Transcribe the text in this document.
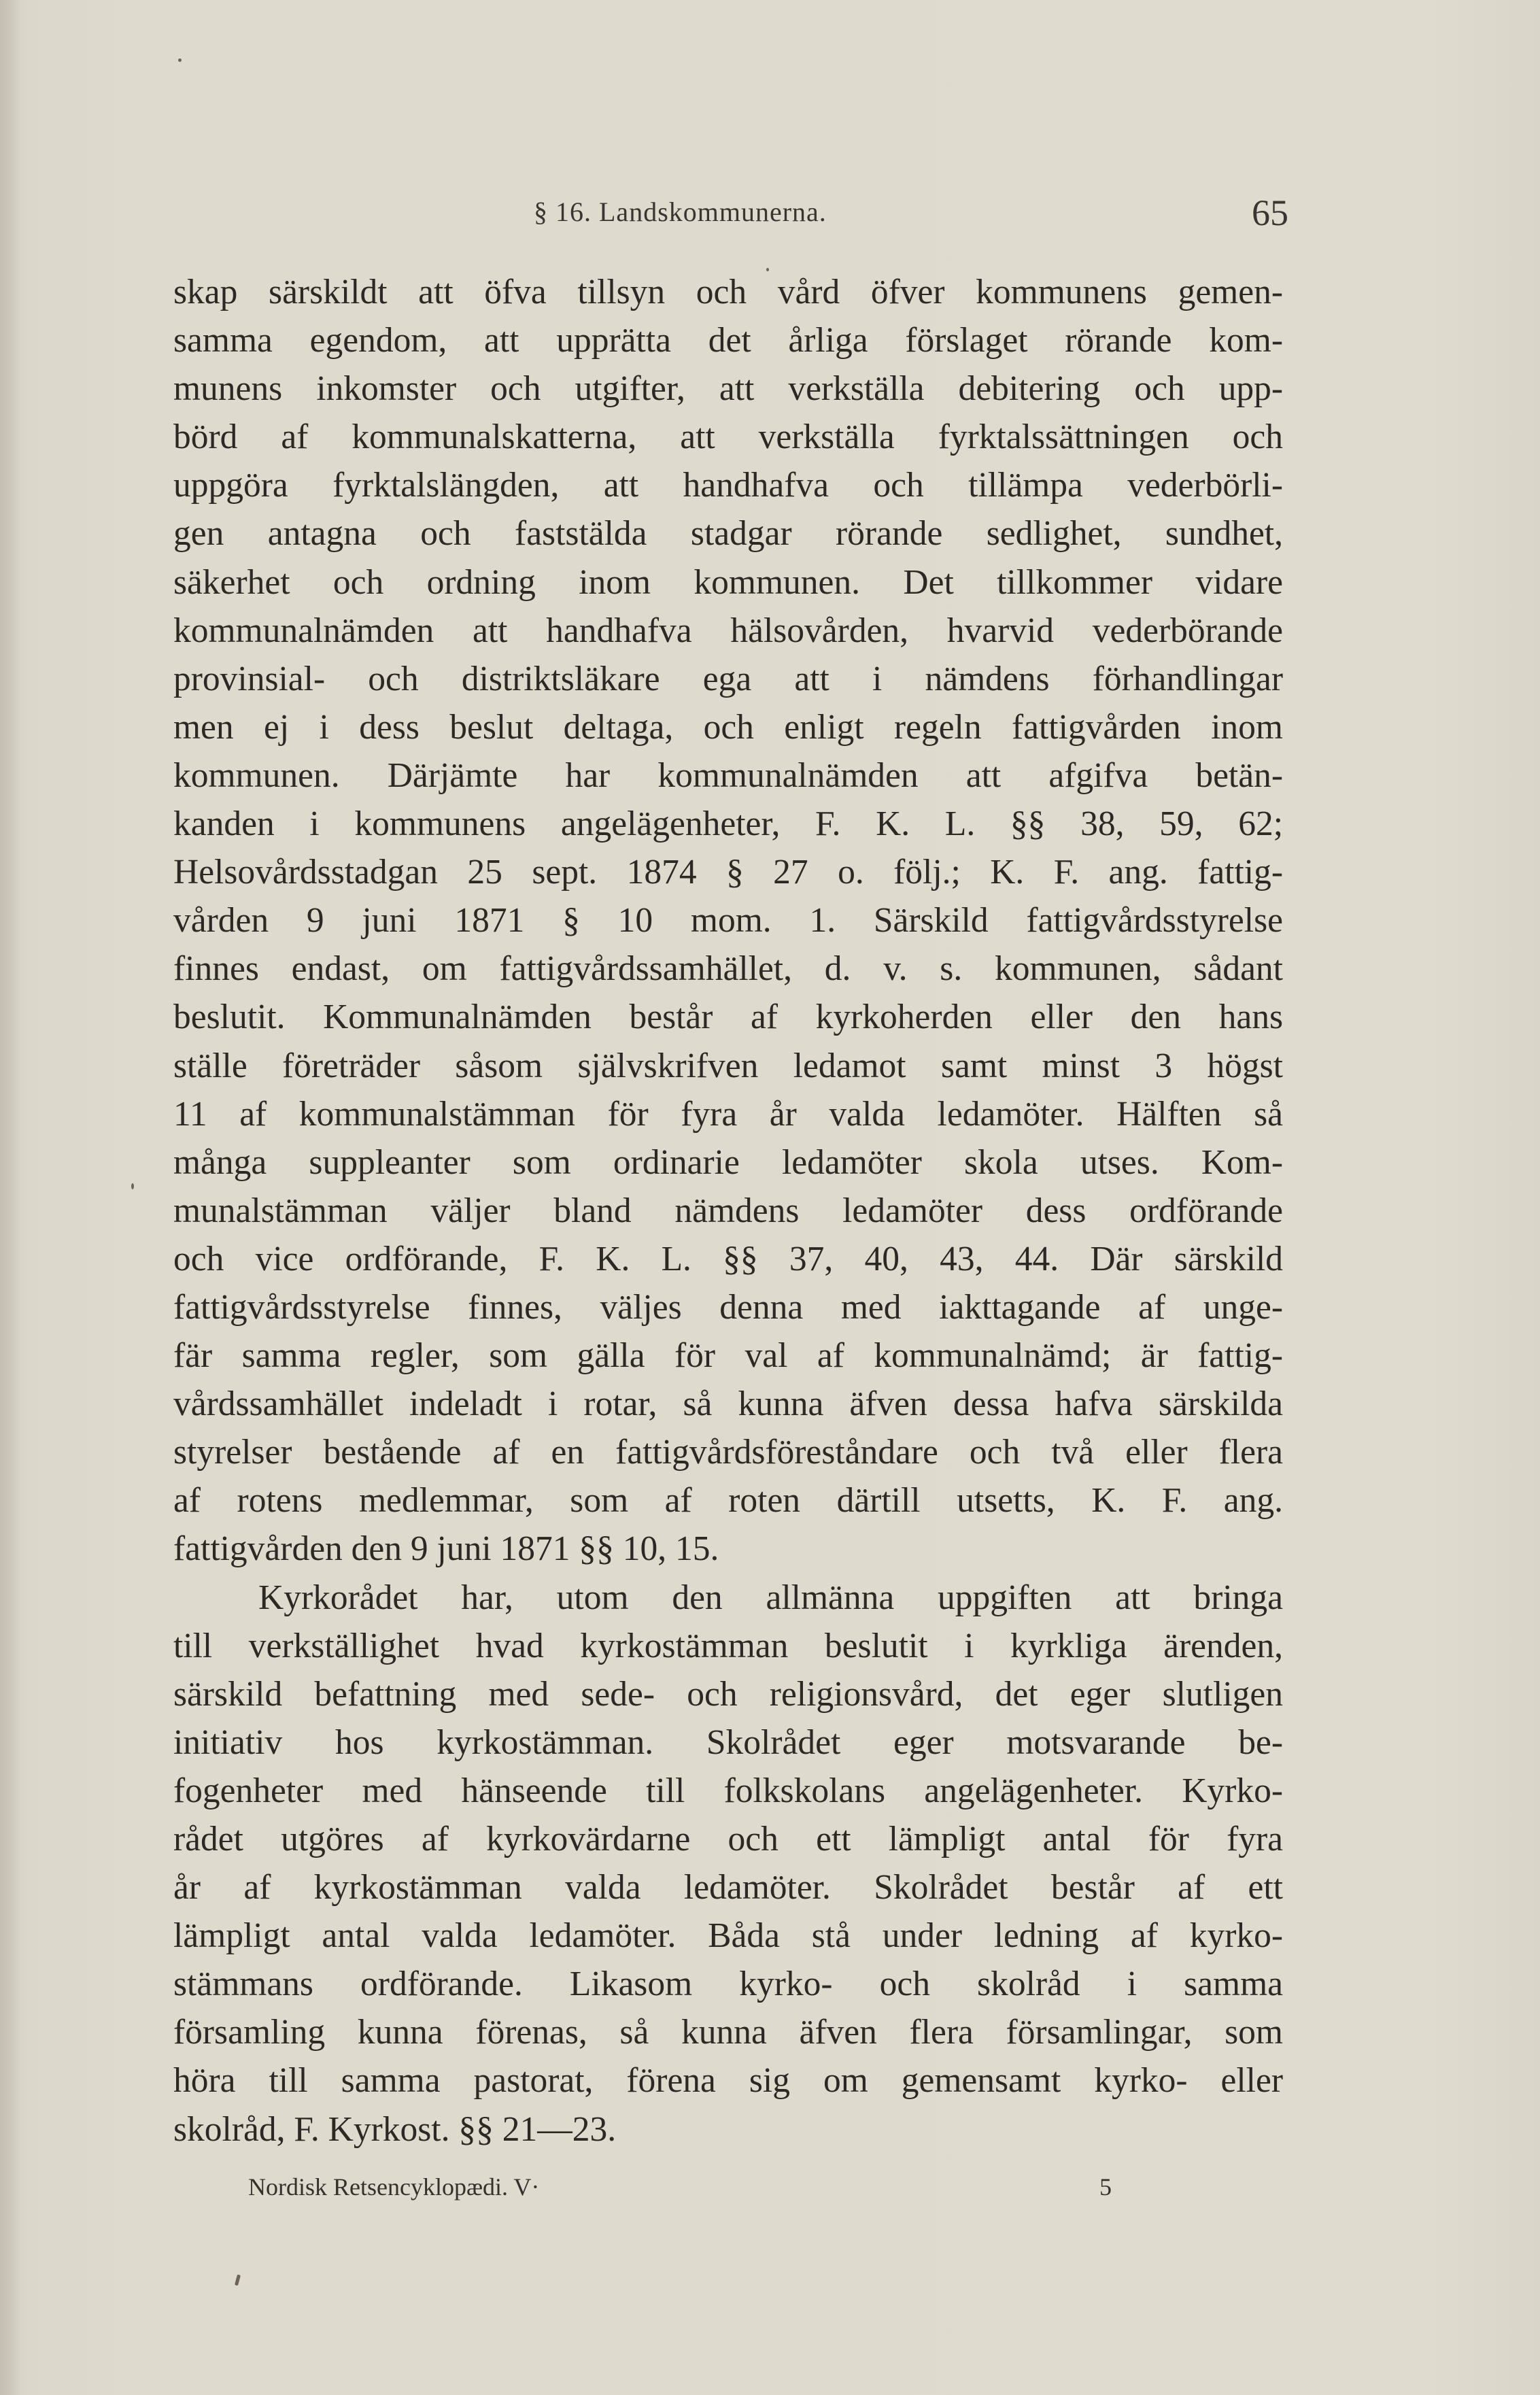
§ 16. Landskommunerna.	65
skap särskildt att öfva tillsyn och vård öfver kommunens gemen-
samma egendom, att upprätta det årliga förslaget rörande kom-
munens inkomster och utgifter, att verkställa debitering och upp-
börd af kommunalskatterna, att verkställa fyrktalssättningen och
uppgöra fyrktalslängden, att handhafva och tillämpa vederbörli-
gen antagna och faststälda stadgar rörande sedlighet, sundhet,
säkerhet och ordning inom kommunen. Det tillkommer vidare
kommunalnämden att handhafva hälsovården, hvarvid vederbörande
provinsial- och distriktsläkare ega att i nämdens förhandlingar
men ej i dess beslut deltaga, och enligt regeln fattigvården inom
kommunen. Därjämte har kommunalnämden att afgifva betän-
kanden i kommunens angelägenheter, F. K. L. §§ 38, 59, 62;
Helsovårdsstadgan 25 sept. 1874 § 27 o. följ.; K. F. ang. fattig-
vården 9 juni 1871 § 10 mom. 1. Särskild fattigvårdsstyrelse
finnes endast, om fattigvårdssamhället, d. v. s. kommunen, sådant
beslutit. Kommunalnämden består af kyrkoherden eller den hans
ställe företräder såsom självskrifven ledamot samt minst 3 högst
11 af kommunalstämman för fyra år valda ledamöter. Hälften så
många suppleanter som ordinarie ledamöter skola utses. Kom-
munalstämman väljer bland nämdens ledamöter dess ordförande
och vice ordförande, F. K. L. §§ 37, 40, 43, 44. Där särskild
fattigvårdsstyrelse finnes, väljes denna med iakttagande af unge-
fär samma regler, som gälla för val af kommunalnämd; är fattig-
vårdssamhället indeladt i rotar, så kunna äfven dessa hafva särskilda
styrelser bestående af en fattigvårdsföreståndare och två eller flera
af rotens medlemmar, som af roten därtill utsetts, K. F. ang.
fattigvården den 9 juni 1871 §§ 10, 15.
Kyrkorådet har, utom den allmänna uppgiften att bringa
till verkställighet hvad kyrkostämman beslutit i kyrkliga ärenden,
särskild befattning med sede- och religionsvård, det eger slutligen
initiativ hos kyrkostämman. Skolrådet eger motsvarande be-
fogenheter med hänseende till folkskolans angelägenheter. Kyrko-
rådet utgöres af kyrkovärdarne och ett lämpligt antal för fyra
år af kyrkostämman valda ledamöter. Skolrådet består af ett
lämpligt antal valda ledamöter. Båda stå under ledning af kyrko-
stämmans ordförande. Likasom kyrko- och skolråd i samma
församling kunna förenas, så kunna äfven flera församlingar, som
höra till samma pastorat, förena sig om gemensamt kyrko- eller
skolråd, F. Kyrkost. §§ 21—23.
Nordisk Retsencyklopædi. V·	5
